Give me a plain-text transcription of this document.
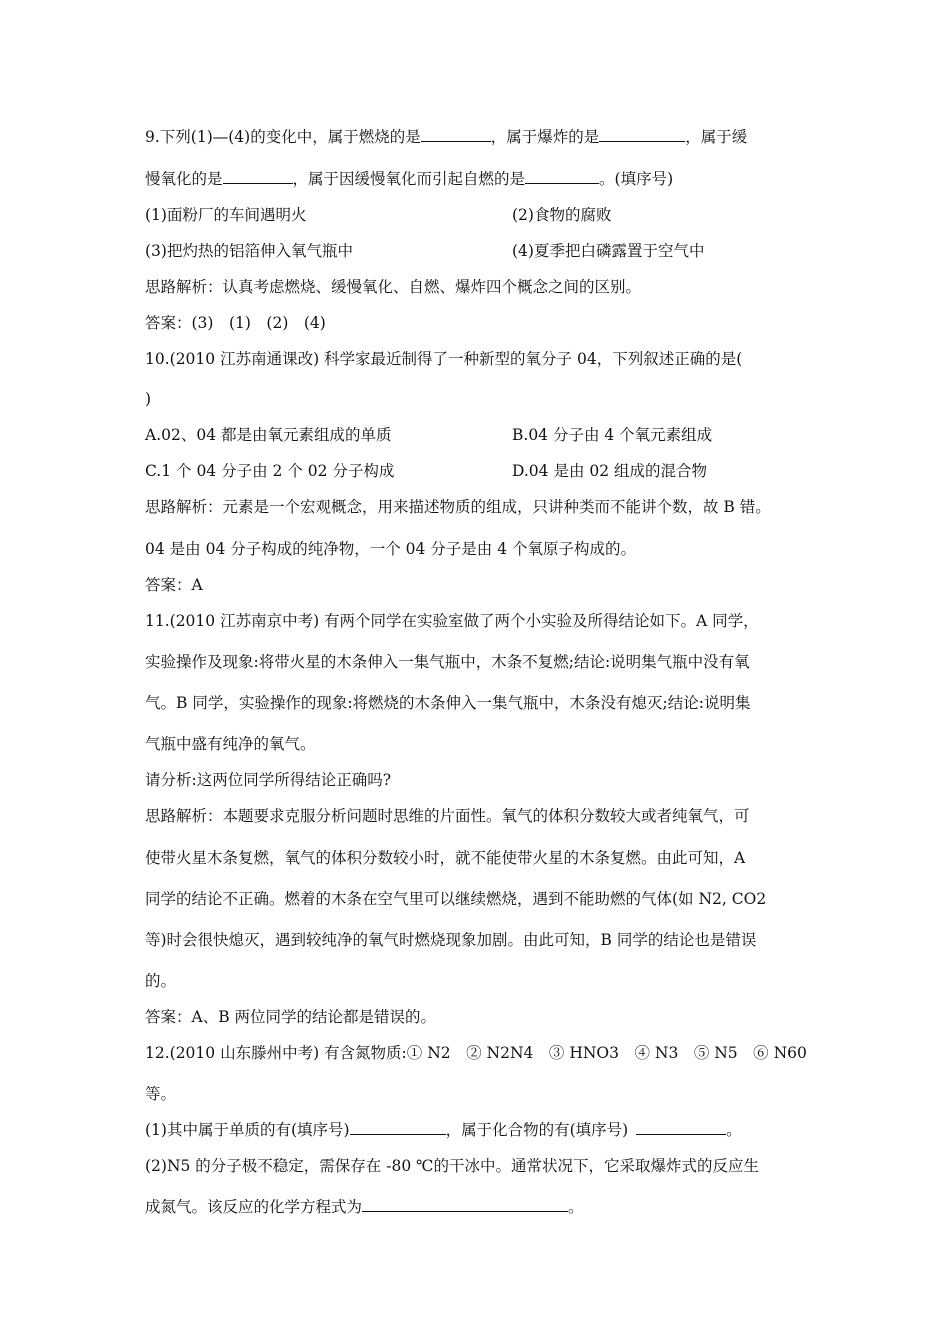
9.下列(1)—(4)的变化中，属于燃烧的是	，属于爆炸的是	，属于缓
慢氧化的是	，属于因缓慢氧化而引起自燃的是	。(填序号)
(1)面粉厂的车间遇明火	(2)食物的腐败
(3)把灼热的铝箔伸入氧气瓶中	(4)夏季把白磷露置于空气中
思路解析：认真考虑燃烧、缓慢氧化、自燃、爆炸四个概念之间的区别。
答案：(3)　(1)　(2)　(4)
10.(2010 江苏南通课改) 科学家最近制得了一种新型的氧分子 04，下列叙述正确的是(
)
A.02、04 都是由氧元素组成的单质	B.04 分子由 4 个氧元素组成
C.1 个 04 分子由 2 个 02 分子构成	D.04 是由 02 组成的混合物
思路解析：元素是一个宏观概念，用来描述物质的组成，只讲种类而不能讲个数，故 B 错。
04 是由 04 分子构成的纯净物，一个 04 分子是由 4 个氧原子构成的。
答案：A
11.(2010 江苏南京中考) 有两个同学在实验室做了两个小实验及所得结论如下。A 同学，
实验操作及现象:将带火星的木条伸入一集气瓶中，木条不复燃;结论:说明集气瓶中没有氧
气。B 同学，实验操作的现象:将燃烧的木条伸入一集气瓶中，木条没有熄灭;结论:说明集
气瓶中盛有纯净的氧气。
请分析:这两位同学所得结论正确吗?
思路解析：本题要求克服分析问题时思维的片面性。氧气的体积分数较大或者纯氧气，可
使带火星木条复燃，氧气的体积分数较小时，就不能使带火星的木条复燃。由此可知，A
同学的结论不正确。燃着的木条在空气里可以继续燃烧，遇到不能助燃的气体(如 N2, CO2
等)时会很快熄灭，遇到较纯净的氧气时燃烧现象加剧。由此可知，B 同学的结论也是错误
的。
答案：A、B 两位同学的结论都是错误的。
12.(2010 山东滕州中考) 有含氮物质:① N2　② N2N4　③ HNO3　④ N3　⑤ N5　⑥ N60
等。
(1)其中属于单质的有(填序号)	，属于化合物的有(填序号)	。
(2)N5 的分子极不稳定，需保存在 -80 ℃的干冰中。通常状况下，它采取爆炸式的反应生
成氮气。该反应的化学方程式为	。
